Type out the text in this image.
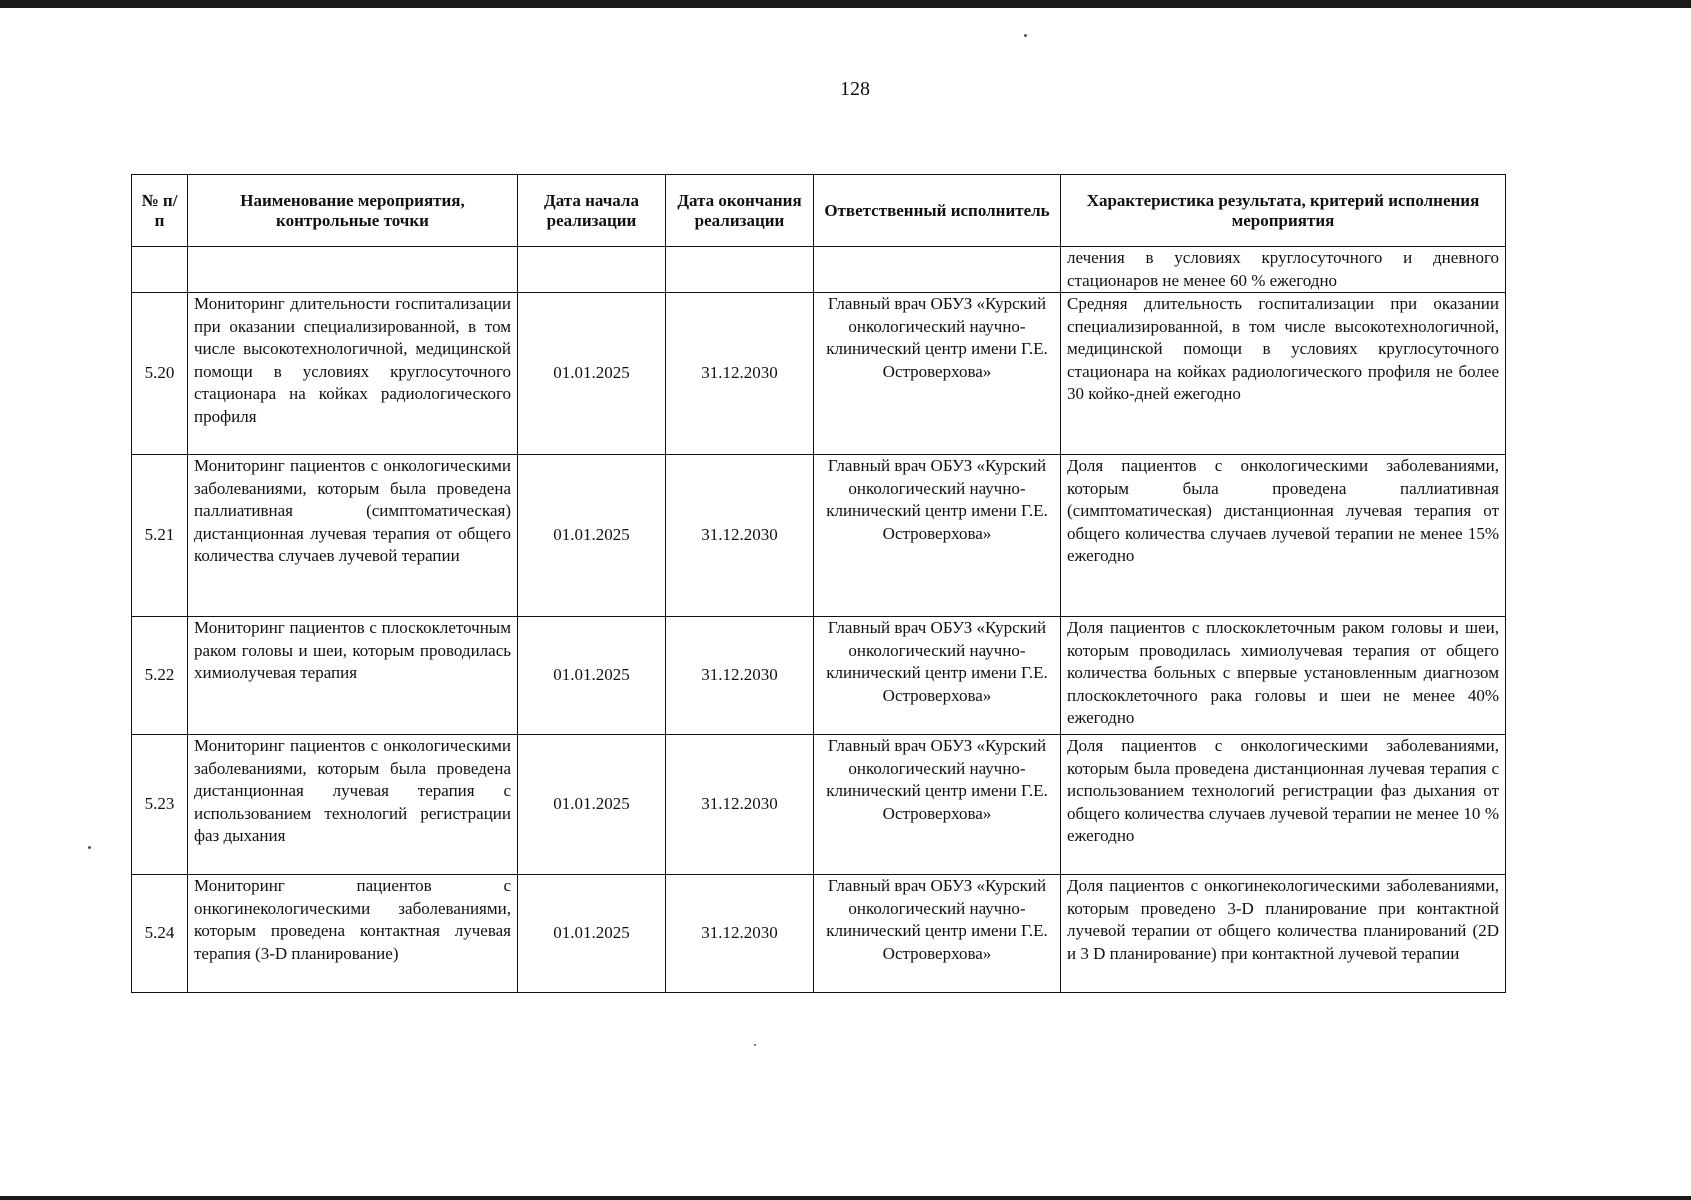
128
№ п/п	Наименование мероприятия, контрольные точки	Дата начала реализации	Дата окончания реализации	Ответственный исполнитель	Характеристика результата, критерий исполнения мероприятия
					лечения в условиях круглосуточного и дневного стационаров не менее 60 % ежегодно
5.20	Мониторинг длительности госпитализации при оказании специализированной, в том числе высокотехнологичной, медицинской помощи в условиях круглосуточного стационара на койках радиологического профиля	01.01.2025	31.12.2030	Главный врач ОБУЗ «Курский онкологический научно-клинический центр имени Г.Е. Островерхова»	Средняя длительность госпитализации при оказании специализированной, в том числе высокотехнологичной, медицинской помощи в условиях круглосуточного стационара на койках радиологического профиля не более 30 койко-дней ежегодно
5.21	Мониторинг пациентов с онкологическими заболеваниями, которым была проведена паллиативная (симптоматическая) дистанционная лучевая терапия от общего количества случаев лучевой терапии	01.01.2025	31.12.2030	Главный врач ОБУЗ «Курский онкологический научно-клинический центр имени Г.Е. Островерхова»	Доля пациентов с онкологическими заболеваниями, которым была проведена паллиативная (симптоматическая) дистанционная лучевая терапия от общего количества случаев лучевой терапии не менее 15% ежегодно
5.22	Мониторинг пациентов с плоскоклеточным раком головы и шеи, которым проводилась химиолучевая терапия	01.01.2025	31.12.2030	Главный врач ОБУЗ «Курский онкологический научно-клинический центр имени Г.Е. Островерхова»	Доля пациентов с плоскоклеточным раком головы и шеи, которым проводилась химиолучевая терапия от общего количества больных с впервые установленным диагнозом плоскоклеточного рака головы и шеи не менее 40% ежегодно
5.23	Мониторинг пациентов с онкологическими заболеваниями, которым была проведена дистанционная лучевая терапия с использованием технологий регистрации фаз дыхания	01.01.2025	31.12.2030	Главный врач ОБУЗ «Курский онкологический научно-клинический центр имени Г.Е. Островерхова»	Доля пациентов с онкологическими заболеваниями, которым была проведена дистанционная лучевая терапия с использованием технологий регистрации фаз дыхания от общего количества случаев лучевой терапии не менее 10 % ежегодно
5.24	Мониторинг пациентов с онкогинекологическими заболеваниями, которым проведена контактная лучевая терапия (3-D планирование)	01.01.2025	31.12.2030	Главный врач ОБУЗ «Курский онкологический научно-клинический центр имени Г.Е. Островерхова»	Доля пациентов с онкогинекологическими заболеваниями, которым проведено 3-D планирование при контактной лучевой терапии от общего количества планирований (2D и 3 D планирование) при контактной лучевой терапии
